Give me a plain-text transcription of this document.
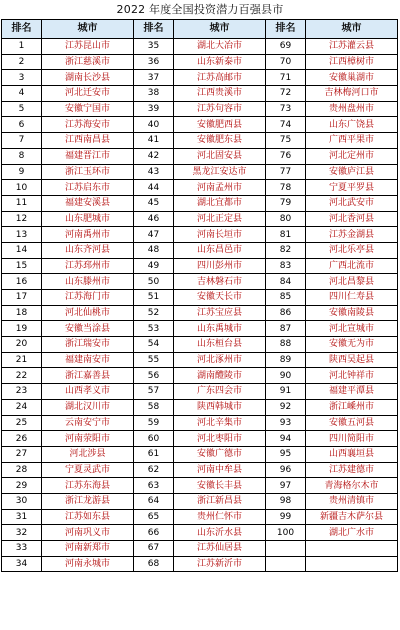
2022 年度全国投资潜力百强县市
排名	城市	排名	城市	排名	城市
1	江苏昆山市	35	湖北大冶市	69	江苏灌云县
2	浙江慈溪市	36	山东新泰市	70	江西樟树市
3	湖南长沙县	37	江苏高邮市	71	安徽巢湖市
4	河北迁安市	38	江西贵溪市	72	吉林梅河口市
5	安徽宁国市	39	江苏句容市	73	贵州盘州市
6	江苏海安市	40	安徽肥西县	74	山东广饶县
7	江西南昌县	41	安徽肥东县	75	广西平果市
8	福建晋江市	42	河北固安县	76	河北定州市
9	浙江玉环市	43	黑龙江安达市	77	安徽庐江县
10	江苏启东市	44	河南孟州市	78	宁夏平罗县
11	福建安溪县	45	湖北宜都市	79	河北武安市
12	山东肥城市	46	河北正定县	80	河北香河县
13	河南禹州市	47	河南长垣市	81	江苏金湖县
14	山东齐河县	48	山东昌邑市	82	河北乐亭县
15	江苏邳州市	49	四川彭州市	83	广西北流市
16	山东滕州市	50	吉林磐石市	84	河北昌黎县
17	江苏海门市	51	安徽天长市	85	四川仁寿县
18	河北仙桃市	52	江苏宝应县	86	安徽南陵县
19	安徽当涂县	53	山东禹城市	87	河北宣城市
20	浙江瑞安市	54	山东桓台县	88	安徽无为市
21	福建南安市	55	河北涿州市	89	陕西吴起县
22	浙江嘉善县	56	湖南醴陵市	90	河北钟祥市
23	山西孝义市	57	广东四会市	91	福建平潭县
24	湖北汉川市	58	陕西韩城市	92	浙江嵊州市
25	云南安宁市	59	河北辛集市	93	安徽五河县
26	河南荥阳市	60	河北枣阳市	94	四川简阳市
27	河北涉县	61	安徽广德市	95	山西襄垣县
28	宁夏灵武市	62	河南中牟县	96	江苏建德市
29	江苏东海县	63	安徽长丰县	97	青海格尔木市
30	浙江龙游县	64	浙江新昌县	98	贵州清镇市
31	江苏如东县	65	贵州仁怀市	99	新疆吉木萨尔县
32	河南巩义市	66	山东沂水县	100	湖北广水市
33	河南新郑市	67	江苏仙居县		
34	河南永城市	68	江苏新沂市		
